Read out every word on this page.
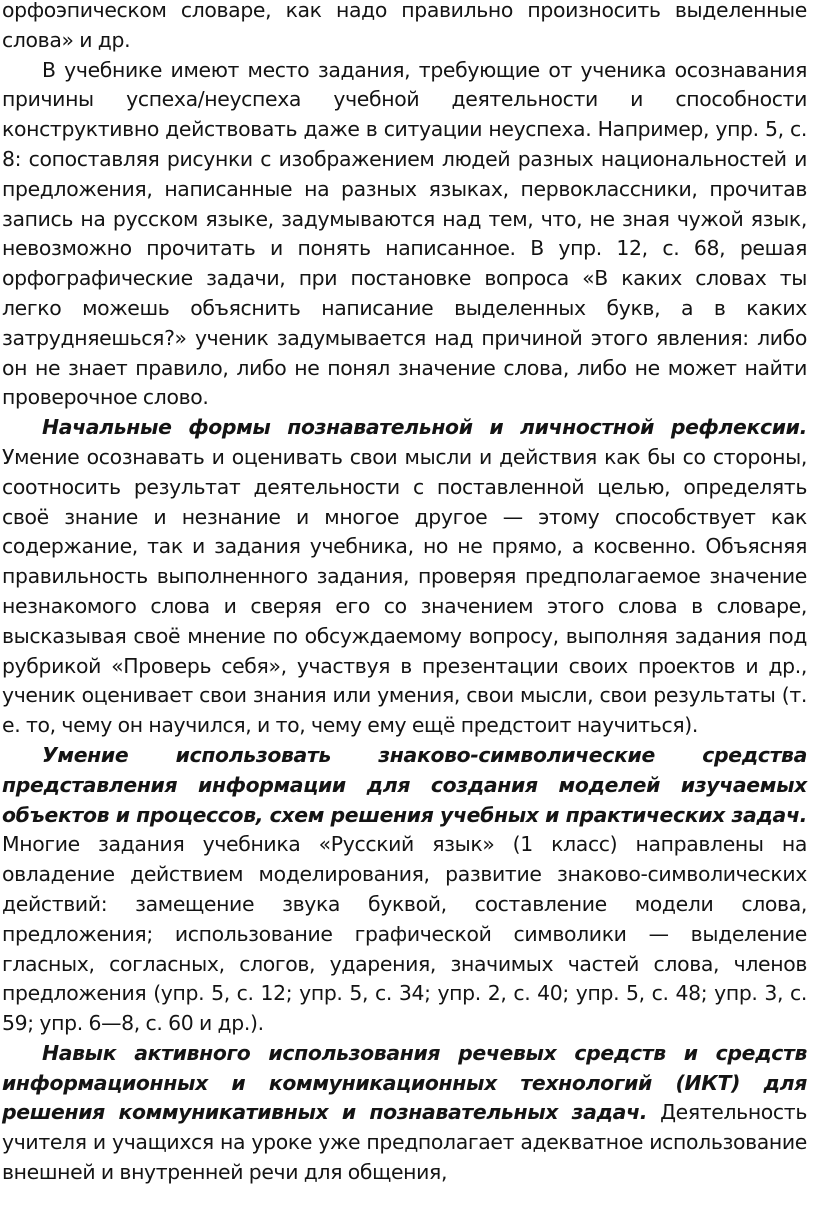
орфоэпическом словаре, как надо правильно произносить выделенные слова» и др.

В учебнике имеют место задания, требующие от ученика осознавания причины успеха/неуспеха учебной деятельности и способности конструктивно действовать даже в ситуации неуспеха. Например, упр. 5, с. 8: сопоставляя рисунки с изображением людей разных национальностей и предложения, написанные на разных языках, первоклассники, прочитав запись на русском языке, задумываются над тем, что, не зная чужой язык, невозможно прочитать и понять написанное. В упр. 12, с. 68, решая орфографические задачи, при постановке вопроса «В каких словах ты легко можешь объяснить написание выделенных букв, а в каких затрудняешься?» ученик задумывается над причиной этого явления: либо он не знает правило, либо не понял значение слова, либо не может найти проверочное слово.

Начальные формы познавательной и личностной рефлексии. Умение осознавать и оценивать свои мысли и действия как бы со стороны, соотносить результат деятельности с поставленной целью, определять своё знание и незнание и многое другое — этому способствует как содержание, так и задания учебника, но не прямо, а косвенно. Объясняя правильность выполненного задания, проверяя предполагаемое значение незнакомого слова и сверяя его со значением этого слова в словаре, высказывая своё мнение по обсуждаемому вопросу, выполняя задания под рубрикой «Проверь себя», участвуя в презентации своих проектов и др., ученик оценивает свои знания или умения, свои мысли, свои результаты (т. е. то, чему он научился, и то, чему ему ещё предстоит научиться).

Умение использовать знаково-символические средства представления информации для создания моделей изучаемых объектов и процессов, схем решения учебных и практических задач. Многие задания учебника «Русский язык» (1 класс) направлены на овладение действием моделирования, развитие знаково-символических действий: замещение звука буквой, составление модели слова, предложения; использование графической символики — выделение гласных, согласных, слогов, ударения, значимых частей слова, членов предложения (упр. 5, с. 12; упр. 5, с. 34; упр. 2, с. 40; упр. 5, с. 48; упр. 3, с. 59; упр. 6—8, с. 60 и др.).

Навык активного использования речевых средств и средств информационных и коммуникационных технологий (ИКТ) для решения коммуникативных и познавательных задач. Деятельность учителя и учащихся на уроке уже предполагает адекватное использование внешней и внутренней речи для общения,
